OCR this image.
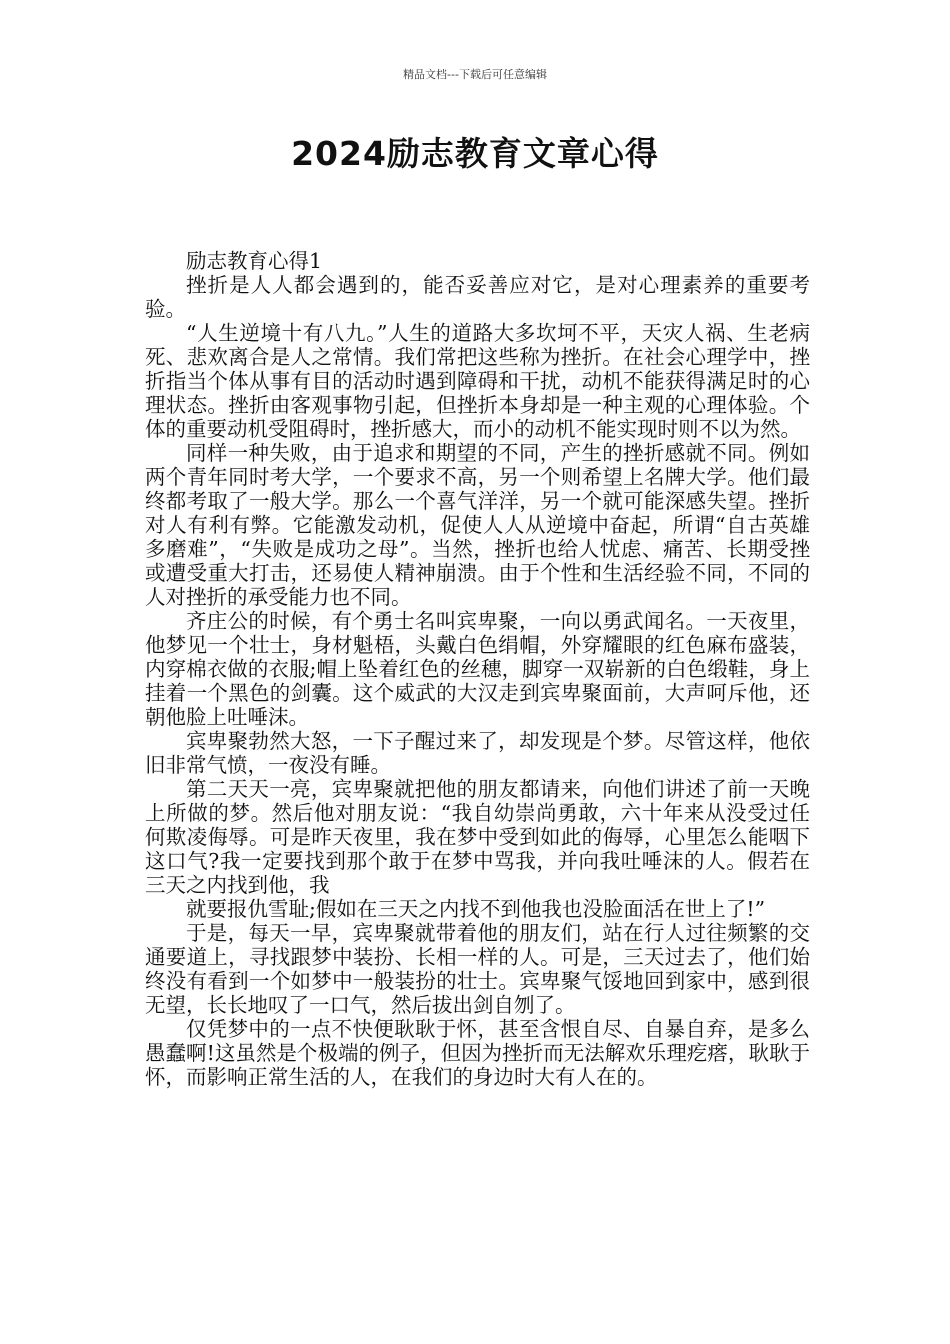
精品文档---下载后可任意编辑
2024励志教育文章心得

励志教育心得1

挫折是人人都会遇到的，能否妥善应对它，是对心理素养的重要考验。

“人生逆境十有八九。”人生的道路大多坎坷不平，天灾人祸、生老病死、悲欢离合是人之常情。我们常把这些称为挫折。在社会心理学中，挫折指当个体从事有目的活动时遇到障碍和干扰，动机不能获得满足时的心理状态。挫折由客观事物引起，但挫折本身却是一种主观的心理体验。个体的重要动机受阻碍时，挫折感大，而小的动机不能实现时则不以为然。

同样一种失败，由于追求和期望的不同，产生的挫折感就不同。例如两个青年同时考大学，一个要求不高，另一个则希望上名牌大学。他们最终都考取了一般大学。那么一个喜气洋洋，另一个就可能深感失望。挫折对人有利有弊。它能激发动机，促使人人从逆境中奋起，所谓“自古英雄多磨难”，“失败是成功之母”。当然，挫折也给人忧虑、痛苦、长期受挫或遭受重大打击，还易使人精神崩溃。由于个性和生活经验不同，不同的人对挫折的承受能力也不同。

齐庄公的时候，有个勇士名叫宾卑聚，一向以勇武闻名。一天夜里，他梦见一个壮士，身材魁梧，头戴白色绢帽，外穿耀眼的红色麻布盛装，内穿棉衣做的衣服;帽上坠着红色的丝穗，脚穿一双崭新的白色缎鞋，身上挂着一个黑色的剑囊。这个威武的大汉走到宾卑聚面前，大声呵斥他，还朝他脸上吐唾沫。

宾卑聚勃然大怒，一下子醒过来了，却发现是个梦。尽管这样，他依旧非常气愤，一夜没有睡。

第二天天一亮，宾卑聚就把他的朋友都请来，向他们讲述了前一天晚上所做的梦。然后他对朋友说：“我自幼崇尚勇敢，六十年来从没受过任何欺凌侮辱。可是昨天夜里，我在梦中受到如此的侮辱，心里怎么能咽下这口气?我一定要找到那个敢于在梦中骂我，并向我吐唾沫的人。假若在三天之内找到他，我

就要报仇雪耻;假如在三天之内找不到他我也没脸面活在世上了!”

于是，每天一早，宾卑聚就带着他的朋友们，站在行人过往频繁的交通要道上，寻找跟梦中装扮、长相一样的人。可是，三天过去了，他们始终没有看到一个如梦中一般装扮的壮士。宾卑聚气馁地回到家中，感到很无望，长长地叹了一口气，然后拔出剑自刎了。

仅凭梦中的一点不快便耿耿于怀，甚至含恨自尽、自暴自弃，是多么愚蠢啊!这虽然是个极端的例子，但因为挫折而无法解欢乐理疙瘩，耿耿于怀，而影响正常生活的人，在我们的身边时大有人在的。
